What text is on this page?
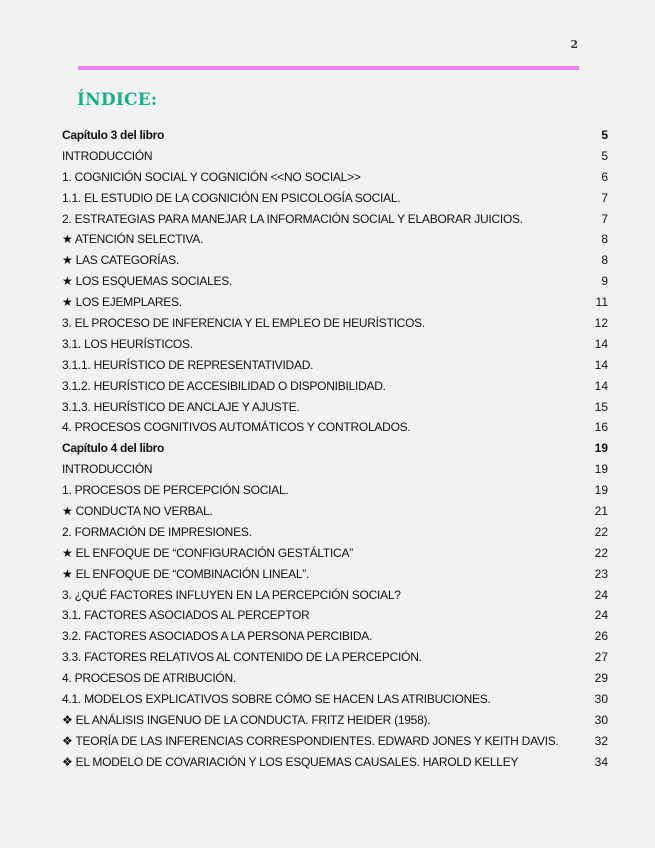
2
ÍNDICE:
Capítulo 3 del libro	5
INTRODUCCIÓN	5
1. COGNICIÓN SOCIAL Y COGNICIÓN <<NO SOCIAL>>	6
1.1. EL ESTUDIO DE LA COGNICIÓN EN PSICOLOGÍA SOCIAL.	7
2. ESTRATEGIAS PARA MANEJAR LA INFORMACIÓN SOCIAL Y ELABORAR JUICIOS.	7
★ ATENCIÓN SELECTIVA.	8
★ LAS CATEGORÍAS.	8
★ LOS ESQUEMAS SOCIALES.	9
★ LOS EJEMPLARES.	11
3. EL PROCESO DE INFERENCIA Y EL EMPLEO DE HEURÍSTICOS.	12
3.1. LOS HEURÍSTICOS.	14
3.1.1. HEURÍSTICO DE REPRESENTATIVIDAD.	14
3.1.2. HEURÍSTICO DE ACCESIBILIDAD O DISPONIBILIDAD.	14
3.1.3. HEURÍSTICO DE ANCLAJE Y AJUSTE.	15
4. PROCESOS COGNITIVOS AUTOMÁTICOS Y CONTROLADOS.	16
Capítulo 4 del libro	19
INTRODUCCIÓN	19
1. PROCESOS DE PERCEPCIÓN SOCIAL.	19
★ CONDUCTA NO VERBAL.	21
2. FORMACIÓN DE IMPRESIONES.	22
★ EL ENFOQUE DE “CONFIGURACIÓN GESTÁLTICA”	22
★ EL ENFOQUE DE “COMBINACIÓN LINEAL”.	23
3. ¿QUÉ FACTORES INFLUYEN EN LA PERCEPCIÓN SOCIAL?	24
3.1. FACTORES ASOCIADOS AL PERCEPTOR	24
3.2. FACTORES ASOCIADOS A LA PERSONA PERCIBIDA.	26
3.3. FACTORES RELATIVOS AL CONTENIDO DE LA PERCEPCIÓN.	27
4. PROCESOS DE ATRIBUCIÓN.	29
4.1. MODELOS EXPLICATIVOS SOBRE CÓMO SE HACEN LAS ATRIBUCIONES.	30
❖ EL ANÁLISIS INGENUO DE LA CONDUCTA. FRITZ HEIDER (1958).	30
❖ TEORÍA DE LAS INFERENCIAS CORRESPONDIENTES. EDWARD JONES Y KEITH DAVIS.	32
❖ EL MODELO DE COVARIACIÓN Y LOS ESQUEMAS CAUSALES. HAROLD KELLEY	34
